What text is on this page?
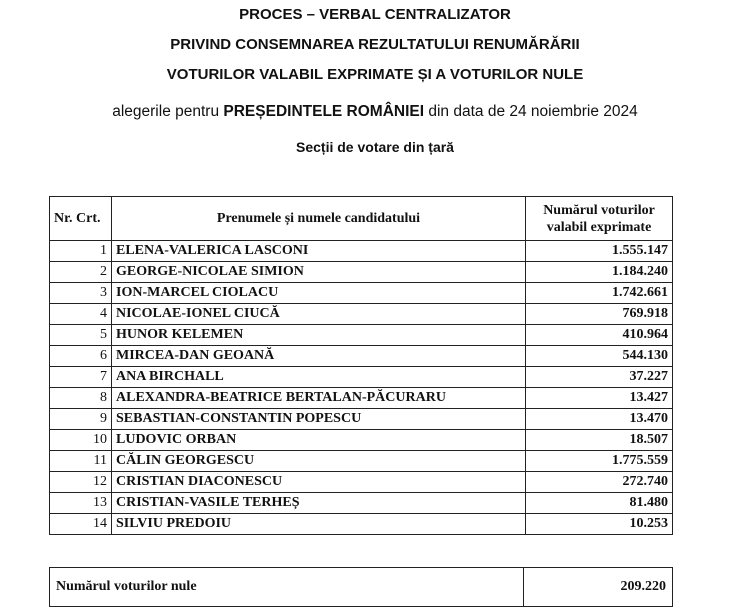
PROCES – VERBAL CENTRALIZATOR
PRIVIND CONSEMNAREA REZULTATULUI RENUMĂRĂRII
VOTURILOR VALABIL EXPRIMATE ȘI A VOTURILOR NULE
alegerile pentru PREȘEDINTELE ROMÂNIEI din data de 24 noiembrie 2024
Secții de votare din țară
Nr. Crt.	Prenumele și numele candidatului	Numărul voturilor valabil exprimate
1	ELENA-VALERICA LASCONI	1.555.147
2	GEORGE-NICOLAE SIMION	1.184.240
3	ION-MARCEL CIOLACU	1.742.661
4	NICOLAE-IONEL CIUCĂ	769.918
5	HUNOR KELEMEN	410.964
6	MIRCEA-DAN GEOANĂ	544.130
7	ANA BIRCHALL	37.227
8	ALEXANDRA-BEATRICE BERTALAN-PĂCURARU	13.427
9	SEBASTIAN-CONSTANTIN POPESCU	13.470
10	LUDOVIC ORBAN	18.507
11	CĂLIN GEORGESCU	1.775.559
12	CRISTIAN DIACONESCU	272.740
13	CRISTIAN-VASILE TERHEȘ	81.480
14	SILVIU PREDOIU	10.253
Numărul voturilor nule	209.220
